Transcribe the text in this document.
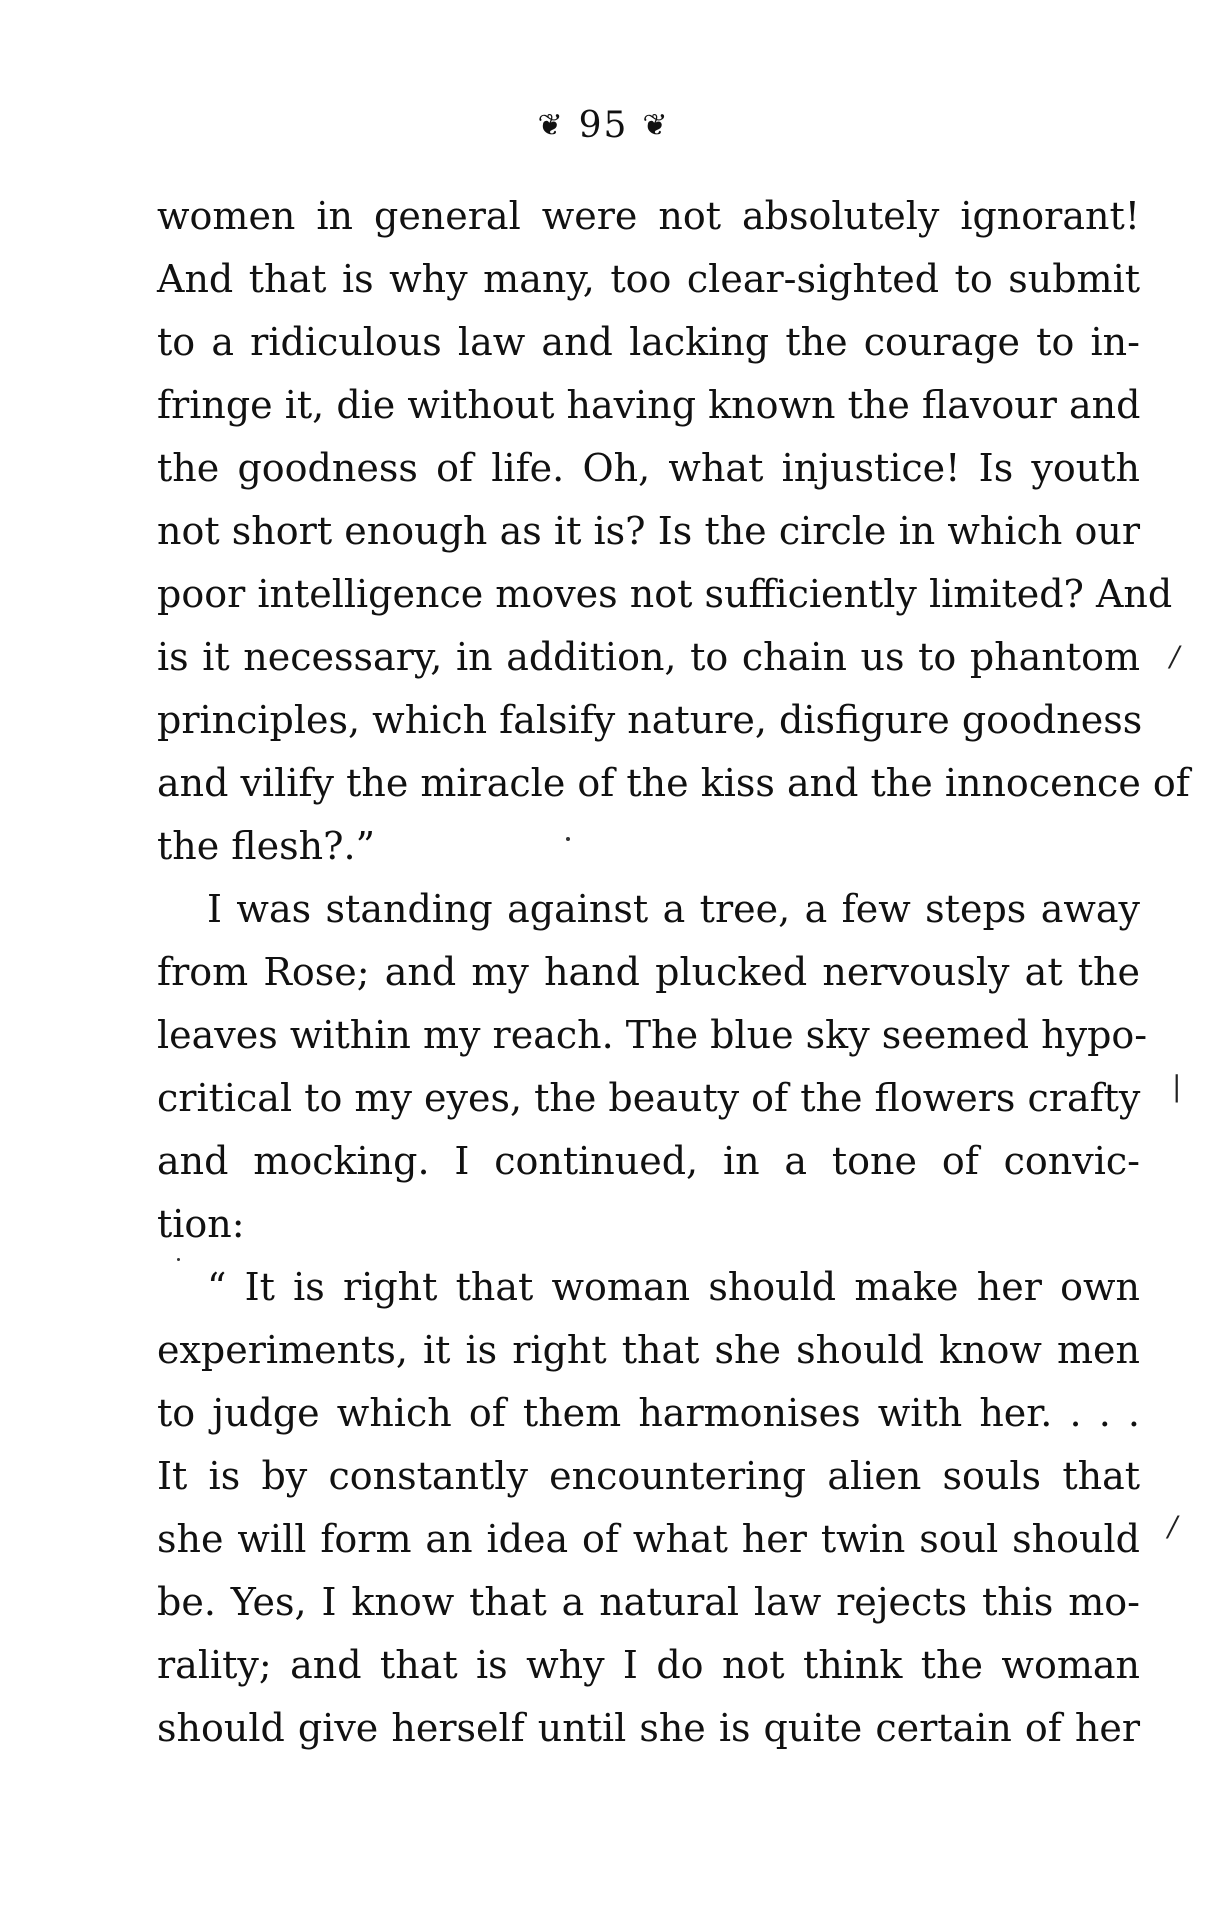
❦ 95 ❦
women in general were not absolutely ignorant!
And that is why many, too clear-sighted to submit
to a ridiculous law and lacking the courage to in-
fringe it, die without having known the flavour and
the goodness of life. Oh, what injustice! Is youth
not short enough as it is? Is the circle in which our
poor intelligence moves not sufficiently limited? And
is it necessary, in addition, to chain us to phantom
principles, which falsify nature, disfigure goodness
and vilify the miracle of the kiss and the innocence of
the flesh?.”
I was standing against a tree, a few steps away
from Rose; and my hand plucked nervously at the
leaves within my reach. The blue sky seemed hypo-
critical to my eyes, the beauty of the flowers crafty
and mocking. I continued, in a tone of convic-
tion:
“ It is right that woman should make her own
experiments, it is right that she should know men
to judge which of them harmonises with her. . . .
It is by constantly encountering alien souls that
she will form an idea of what her twin soul should
be. Yes, I know that a natural law rejects this mo-
rality; and that is why I do not think the woman
should give herself until she is quite certain of her
/
|
/
